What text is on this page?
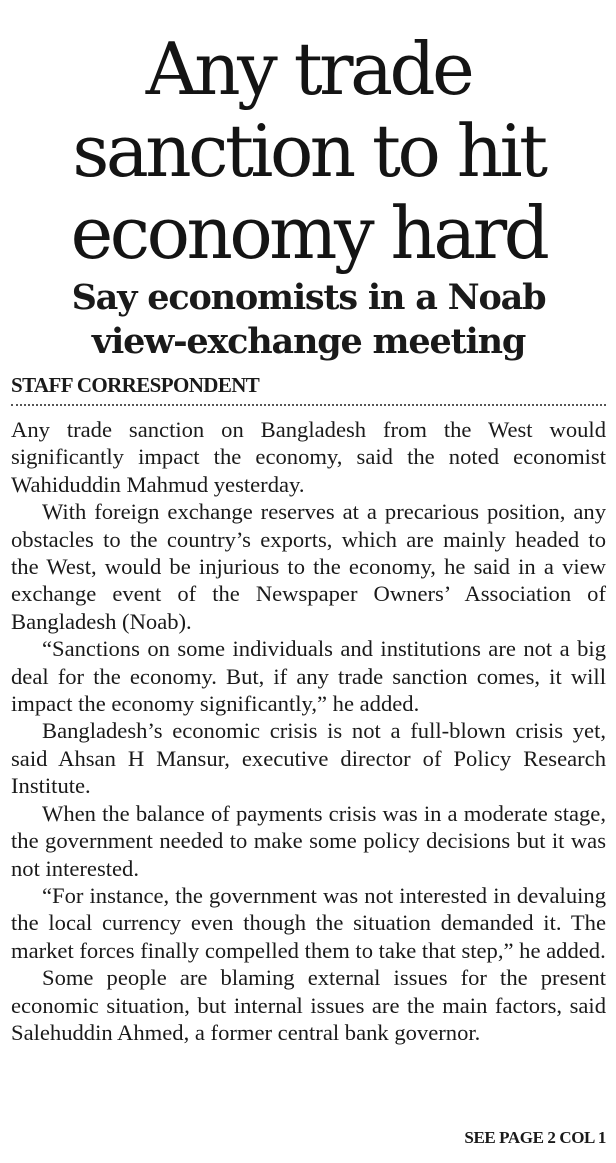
Any trade
sanction to hit
economy hard
Say economists in a Noab
view-exchange meeting
STAFF CORRESPONDENT

Any trade sanction on Bangladesh from the West would significantly impact the economy, said the noted economist Wahiduddin Mahmud yesterday.

With foreign exchange reserves at a precarious position, any obstacles to the country’s exports, which are mainly headed to the West, would be injurious to the economy, he said in a view exchange event of the Newspaper Owners’ Association of Bangladesh (Noab).

“Sanctions on some individuals and institutions are not a big deal for the economy. But, if any trade sanction comes, it will impact the economy significantly,” he added.

Bangladesh’s economic crisis is not a full-blown crisis yet, said Ahsan H Mansur, executive director of Policy Research Institute.

When the balance of payments crisis was in a moderate stage, the government needed to make some policy decisions but it was not interested.

“For instance, the government was not interested in devaluing the local currency even though the situation demanded it. The market forces finally compelled them to take that step,” he added.

Some people are blaming external issues for the present economic situation, but internal issues are the main factors, said Salehuddin Ahmed, a former central bank governor.

SEE PAGE 2 COL 1
